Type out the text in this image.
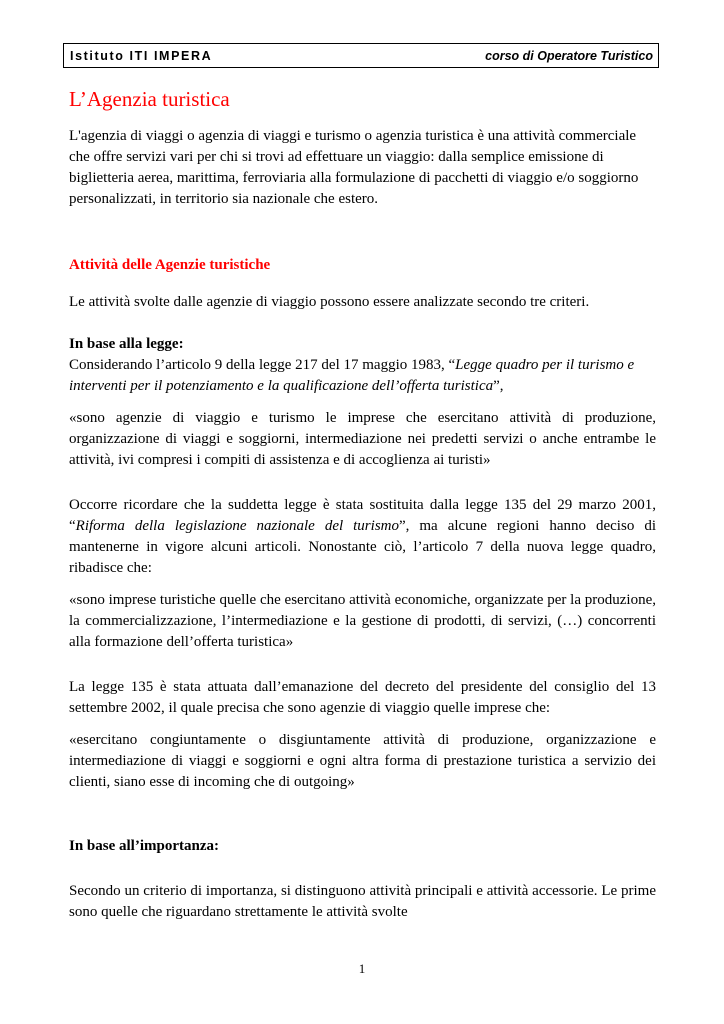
Istituto ITI IMPERA	corso di Operatore Turistico
L’Agenzia turistica

L'agenzia di viaggi o agenzia di viaggi e turismo o agenzia turistica è una attività commerciale che offre servizi vari per chi si trovi ad effettuare un viaggio: dalla semplice emissione di biglietteria aerea, marittima, ferroviaria alla formulazione di pacchetti di viaggio e/o soggiorno personalizzati, in territorio sia nazionale che estero.

Attività delle Agenzie turistiche

Le attività svolte dalle agenzie di viaggio possono essere analizzate secondo tre criteri.

In base alla legge:

Considerando l’articolo 9 della legge 217 del 17 maggio 1983, “Legge quadro per il turismo e interventi per il potenziamento e la qualificazione dell’offerta turistica”,

«sono agenzie di viaggio e turismo le imprese che esercitano attività di produzione, organizzazione di viaggi e soggiorni, intermediazione nei predetti servizi o anche entrambe le attività, ivi compresi i compiti di assistenza e di accoglienza ai turisti»

Occorre ricordare che la suddetta legge è stata sostituita dalla legge 135 del 29 marzo 2001, “Riforma della legislazione nazionale del turismo”, ma alcune regioni hanno deciso di mantenerne in vigore alcuni articoli. Nonostante ciò, l’articolo 7 della nuova legge quadro, ribadisce che:

«sono imprese turistiche quelle che esercitano attività economiche, organizzate per la produzione, la commercializzazione, l’intermediazione e la gestione di prodotti, di servizi, (…) concorrenti alla formazione dell’offerta turistica»

La legge 135 è stata attuata dall’emanazione del decreto del presidente del consiglio del 13 settembre 2002, il quale precisa che sono agenzie di viaggio quelle imprese che:

«esercitano congiuntamente o disgiuntamente attività di produzione, organizzazione e intermediazione di viaggi e soggiorni e ogni altra forma di prestazione turistica a servizio dei clienti, siano esse di incoming che di outgoing»

In base all’importanza:

Secondo un criterio di importanza, si distinguono attività principali e attività accessorie. Le prime sono quelle che riguardano strettamente le attività svolte

1
